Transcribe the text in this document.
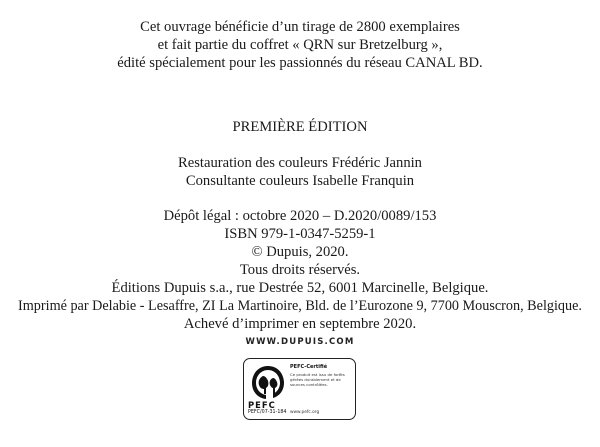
Cet ouvrage bénéficie d’un tirage de 2800 exemplaires
et fait partie du coffret « QRN sur Bretzelburg »,
édité spécialement pour les passionnés du réseau CANAL BD.
PREMIÈRE ÉDITION
Restauration des couleurs Frédéric Jannin
Consultante couleurs Isabelle Franquin
Dépôt légal : octobre 2020 – D.2020/0089/153
ISBN 979-1-0347-5259-1
© Dupuis, 2020.
Tous droits réservés.
Éditions Dupuis s.a., rue Destrée 52, 6001 Marcinelle, Belgique.
Imprimé par Delabie - Lesaffre, ZI La Martinoire, Bld. de l’Eurozone 9, 7700 Mouscron, Belgique.
Achevé d’imprimer en septembre 2020.
WWW.DUPUIS.COM
PEFC
PEFC/07-31-184
PEFC-Certifié
Ce produit est issu de forêts gérées durablement et de sources contrôlées.
www.pefc.org
